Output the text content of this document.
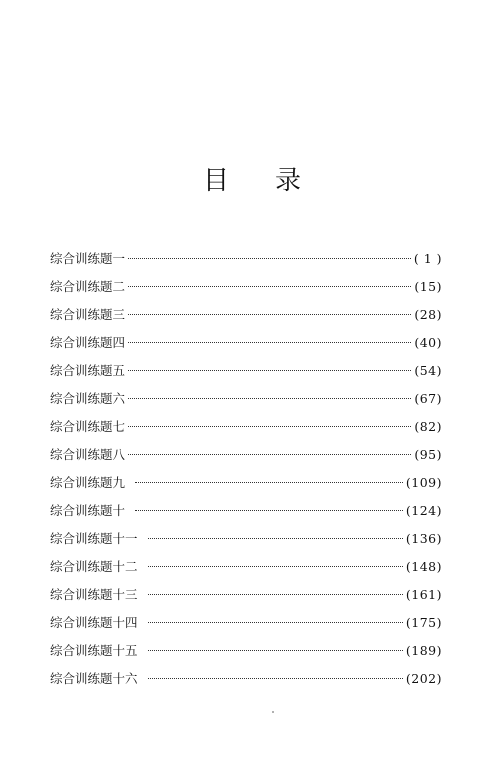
目 录
综合训练题一	( 1 )
综合训练题二	(15)
综合训练题三	(28)
综合训练题四	(40)
综合训练题五	(54)
综合训练题六	(67)
综合训练题七	(82)
综合训练题八	(95)
综合训练题九	(109)
综合训练题十	(124)
综合训练题十一	(136)
综合训练题十二	(148)
综合训练题十三	(161)
综合训练题十四	(175)
综合训练题十五	(189)
综合训练题十六	(202)
